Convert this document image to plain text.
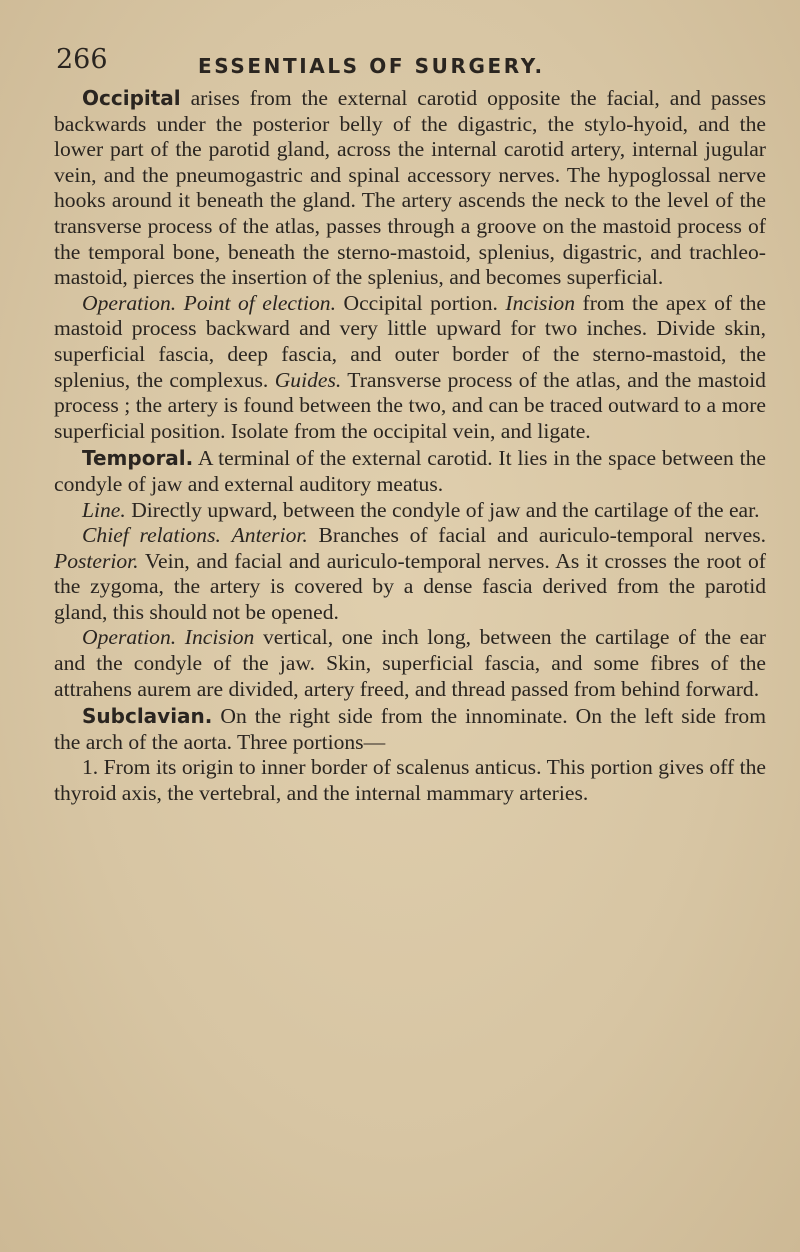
266	ESSENTIALS OF SURGERY.

Occipital arises from the external carotid opposite the facial, and passes backwards under the posterior belly of the digastric, the stylo-hyoid, and the lower part of the parotid gland, across the internal carotid artery, internal jugular vein, and the pneumogastric and spinal accessory nerves. The hypoglossal nerve hooks around it beneath the gland. The artery ascends the neck to the level of the transverse process of the atlas, passes through a groove on the mastoid process of the temporal bone, beneath the sterno-mastoid, splenius, digastric, and trachleo-mastoid, pierces the insertion of the splenius, and becomes superficial.

Operation. Point of election. Occipital portion. Incision from the apex of the mastoid process backward and very little upward for two inches. Divide skin, superficial fascia, deep fascia, and outer border of the sterno-mastoid, the splenius, the complexus. Guides. Transverse process of the atlas, and the mastoid process ; the artery is found between the two, and can be traced outward to a more superficial position. Isolate from the occipital vein, and ligate.

Temporal. A terminal of the external carotid. It lies in the space between the condyle of jaw and external auditory meatus.

Line. Directly upward, between the condyle of jaw and the cartilage of the ear.

Chief relations. Anterior. Branches of facial and auriculo-temporal nerves. Posterior. Vein, and facial and auriculo-temporal nerves. As it crosses the root of the zygoma, the artery is covered by a dense fascia derived from the parotid gland, this should not be opened.

Operation. Incision vertical, one inch long, between the cartilage of the ear and the condyle of the jaw. Skin, superficial fascia, and some fibres of the attrahens aurem are divided, artery freed, and thread passed from behind forward.

Subclavian. On the right side from the innominate. On the left side from the arch of the aorta. Three portions—

1. From its origin to inner border of scalenus anticus. This portion gives off the thyroid axis, the vertebral, and the internal mammary arteries.
